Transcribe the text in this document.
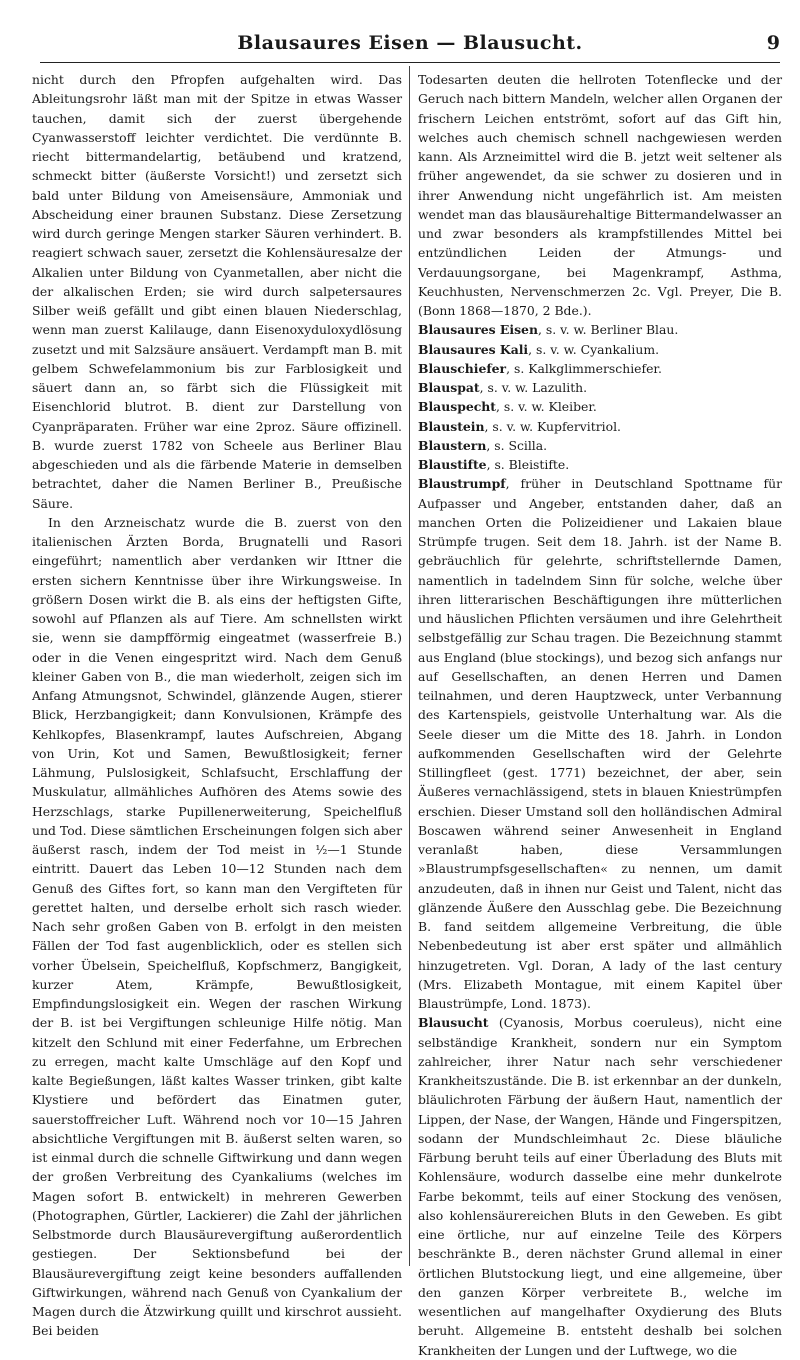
Blausaures Eisen — Blausucht.	9

nicht durch den Pfropfen aufgehalten wird. Das Ableitungsrohr läßt man mit der Spitze in etwas Wasser tauchen, damit sich der zuerst übergehende Cyanwasserstoff leichter verdichtet. Die verdünnte B. riecht bittermandelartig, betäubend und kratzend, schmeckt bitter (äußerste Vorsicht!) und zersetzt sich bald unter Bildung von Ameisensäure, Ammoniak und Abscheidung einer braunen Substanz. Diese Zersetzung wird durch geringe Mengen starker Säuren verhindert. B. reagiert schwach sauer, zersetzt die Kohlensäuresalze der Alkalien unter Bildung von Cyanmetallen, aber nicht die der alkalischen Erden; sie wird durch salpetersaures Silber weiß gefällt und gibt einen blauen Niederschlag, wenn man zuerst Kalilauge, dann Eisenoxyduloxydlösung zusetzt und mit Salzsäure ansäuert. Verdampft man B. mit gelbem Schwefelammonium bis zur Farblosigkeit und säuert dann an, so färbt sich die Flüssigkeit mit Eisenchlorid blutrot. B. dient zur Darstellung von Cyanpräparaten. Früher war eine 2proz. Säure offizinell. B. wurde zuerst 1782 von Scheele aus Berliner Blau abgeschieden und als die färbende Materie in demselben betrachtet, daher die Namen Berliner B., Preußische Säure.

In den Arzneischatz wurde die B. zuerst von den italienischen Ärzten Borda, Brugnatelli und Rasori eingeführt; namentlich aber verdanken wir Ittner die ersten sichern Kenntnisse über ihre Wirkungsweise. In größern Dosen wirkt die B. als eins der heftigsten Gifte, sowohl auf Pflanzen als auf Tiere. Am schnellsten wirkt sie, wenn sie dampfförmig eingeatmet (wasserfreie B.) oder in die Venen eingespritzt wird. Nach dem Genuß kleiner Gaben von B., die man wiederholt, zeigen sich im Anfang Atmungsnot, Schwindel, glänzende Augen, stierer Blick, Herzbangigkeit; dann Konvulsionen, Krämpfe des Kehlkopfes, Blasenkrampf, lautes Aufschreien, Abgang von Urin, Kot und Samen, Bewußtlosigkeit; ferner Lähmung, Pulslosigkeit, Schlafsucht, Erschlaffung der Muskulatur, allmähliches Aufhören des Atems sowie des Herzschlags, starke Pupillenerweiterung, Speichelfluß und Tod. Diese sämtlichen Erscheinungen folgen sich aber äußerst rasch, indem der Tod meist in ½—1 Stunde eintritt. Dauert das Leben 10—12 Stunden nach dem Genuß des Giftes fort, so kann man den Vergifteten für gerettet halten, und derselbe erholt sich rasch wieder. Nach sehr großen Gaben von B. erfolgt in den meisten Fällen der Tod fast augenblicklich, oder es stellen sich vorher Übelsein, Speichelfluß, Kopfschmerz, Bangigkeit, kurzer Atem, Krämpfe, Bewußtlosigkeit, Empfindungslosigkeit ein. Wegen der raschen Wirkung der B. ist bei Vergiftungen schleunige Hilfe nötig. Man kitzelt den Schlund mit einer Federfahne, um Erbrechen zu erregen, macht kalte Umschläge auf den Kopf und kalte Begießungen, läßt kaltes Wasser trinken, gibt kalte Klystiere und befördert das Einatmen guter, sauerstoffreicher Luft. Während noch vor 10—15 Jahren absichtliche Vergiftungen mit B. äußerst selten waren, so ist einmal durch die schnelle Giftwirkung und dann wegen der großen Verbreitung des Cyankaliums (welches im Magen sofort B. entwickelt) in mehreren Gewerben (Photographen, Gürtler, Lackierer) die Zahl der jährlichen Selbstmorde durch Blausäurevergiftung außerordentlich gestiegen. Der Sektionsbefund bei der Blausäurevergiftung zeigt keine besonders auffallenden Giftwirkungen, während nach Genuß von Cyankalium der Magen durch die Ätzwirkung quillt und kirschrot aussieht. Bei beiden

Todesarten deuten die hellroten Totenflecke und der Geruch nach bittern Mandeln, welcher allen Organen der frischern Leichen entströmt, sofort auf das Gift hin, welches auch chemisch schnell nachgewiesen werden kann. Als Arzneimittel wird die B. jetzt weit seltener als früher angewendet, da sie schwer zu dosieren und in ihrer Anwendung nicht ungefährlich ist. Am meisten wendet man das blausäurehaltige Bittermandelwasser an und zwar besonders als krampfstillendes Mittel bei entzündlichen Leiden der Atmungs- und Verdauungsorgane, bei Magenkrampf, Asthma, Keuchhusten, Nervenschmerzen 2c. Vgl. Preyer, Die B. (Bonn 1868—1870, 2 Bde.).

Blausaures Eisen, s. v. w. Berliner Blau.

Blausaures Kali, s. v. w. Cyankalium.

Blauschiefer, s. Kalkglimmerschiefer.

Blauspat, s. v. w. Lazulith.

Blauspecht, s. v. w. Kleiber.

Blaustein, s. v. w. Kupfervitriol.

Blaustern, s. Scilla.

Blaustifte, s. Bleistifte.

Blaustrumpf, früher in Deutschland Spottname für Aufpasser und Angeber, entstanden daher, daß an manchen Orten die Polizeidiener und Lakaien blaue Strümpfe trugen. Seit dem 18. Jahrh. ist der Name B. gebräuchlich für gelehrte, schriftstellernde Damen, namentlich in tadelndem Sinn für solche, welche über ihren litterarischen Beschäftigungen ihre mütterlichen und häuslichen Pflichten versäumen und ihre Gelehrtheit selbstgefällig zur Schau tragen. Die Bezeichnung stammt aus England (blue stockings), und bezog sich anfangs nur auf Gesellschaften, an denen Herren und Damen teilnahmen, und deren Hauptzweck, unter Verbannung des Kartenspiels, geistvolle Unterhaltung war. Als die Seele dieser um die Mitte des 18. Jahrh. in London aufkommenden Gesellschaften wird der Gelehrte Stillingfleet (gest. 1771) bezeichnet, der aber, sein Äußeres vernachlässigend, stets in blauen Kniestrümpfen erschien. Dieser Umstand soll den holländischen Admiral Boscawen während seiner Anwesenheit in England veranlaßt haben, diese Versammlungen »Blaustrumpfsgesellschaften« zu nennen, um damit anzudeuten, daß in ihnen nur Geist und Talent, nicht das glänzende Äußere den Ausschlag gebe. Die Bezeichnung B. fand seitdem allgemeine Verbreitung, die üble Nebenbedeutung ist aber erst später und allmählich hinzugetreten. Vgl. Doran, A lady of the last century (Mrs. Elizabeth Montague, mit einem Kapitel über Blaustrümpfe, Lond. 1873).

Blausucht (Cyanosis, Morbus coeruleus), nicht eine selbständige Krankheit, sondern nur ein Symptom zahlreicher, ihrer Natur nach sehr verschiedener Krankheitszustände. Die B. ist erkennbar an der dunkeln, bläulichroten Färbung der äußern Haut, namentlich der Lippen, der Nase, der Wangen, Hände und Fingerspitzen, sodann der Mundschleimhaut 2c. Diese bläuliche Färbung beruht teils auf einer Überladung des Bluts mit Kohlensäure, wodurch dasselbe eine mehr dunkelrote Farbe bekommt, teils auf einer Stockung des venösen, also kohlensäurereichen Bluts in den Geweben. Es gibt eine örtliche, nur auf einzelne Teile des Körpers beschränkte B., deren nächster Grund allemal in einer örtlichen Blutstockung liegt, und eine allgemeine, über den ganzen Körper verbreitete B., welche im wesentlichen auf mangelhafter Oxydierung des Bluts beruht. Allgemeine B. entsteht deshalb bei solchen Krankheiten der Lungen und der Luftwege, wo die
